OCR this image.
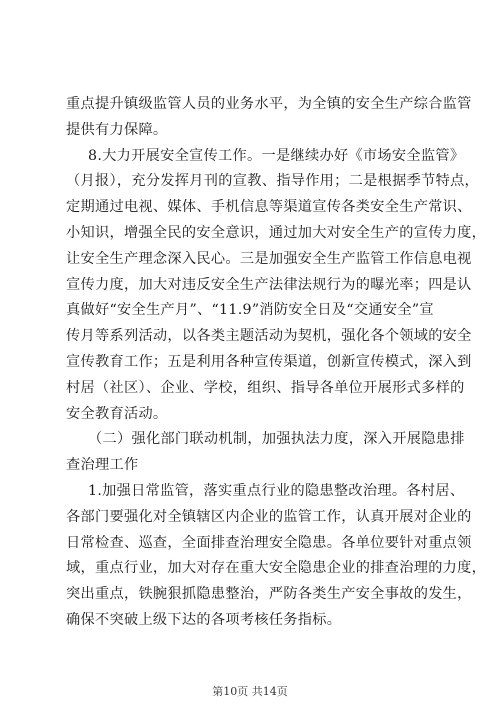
重点提升镇级监管人员的业务水平，为全镇的安全生产综合监管
提供有力保障。
8.大力开展安全宣传工作。一是继续办好《市场安全监管》
（月报），充分发挥月刊的宣教、指导作用；二是根据季节特点，
定期通过电视、媒体、手机信息等渠道宣传各类安全生产常识、
小知识，增强全民的安全意识，通过加大对安全生产的宣传力度，
让安全生产理念深入民心。三是加强安全生产监管工作信息电视
宣传力度，加大对违反安全生产法律法规行为的曝光率；四是认
真做好“安全生产月”、“11.9”消防安全日及“交通安全”宣
传月等系列活动，以各类主题活动为契机，强化各个领域的安全
宣传教育工作；五是利用各种宣传渠道，创新宣传模式，深入到
村居（社区）、企业、学校，组织、指导各单位开展形式多样的
安全教育活动。
（二）强化部门联动机制，加强执法力度，深入开展隐患排
查治理工作
1.加强日常监管，落实重点行业的隐患整改治理。各村居、
各部门要强化对全镇辖区内企业的监管工作，认真开展对企业的
日常检查、巡查，全面排查治理安全隐患。各单位要针对重点领
域，重点行业，加大对存在重大安全隐患企业的排查治理的力度，
突出重点，铁腕狠抓隐患整治，严防各类生产安全事故的发生，
确保不突破上级下达的各项考核任务指标。
第10页 共14页
